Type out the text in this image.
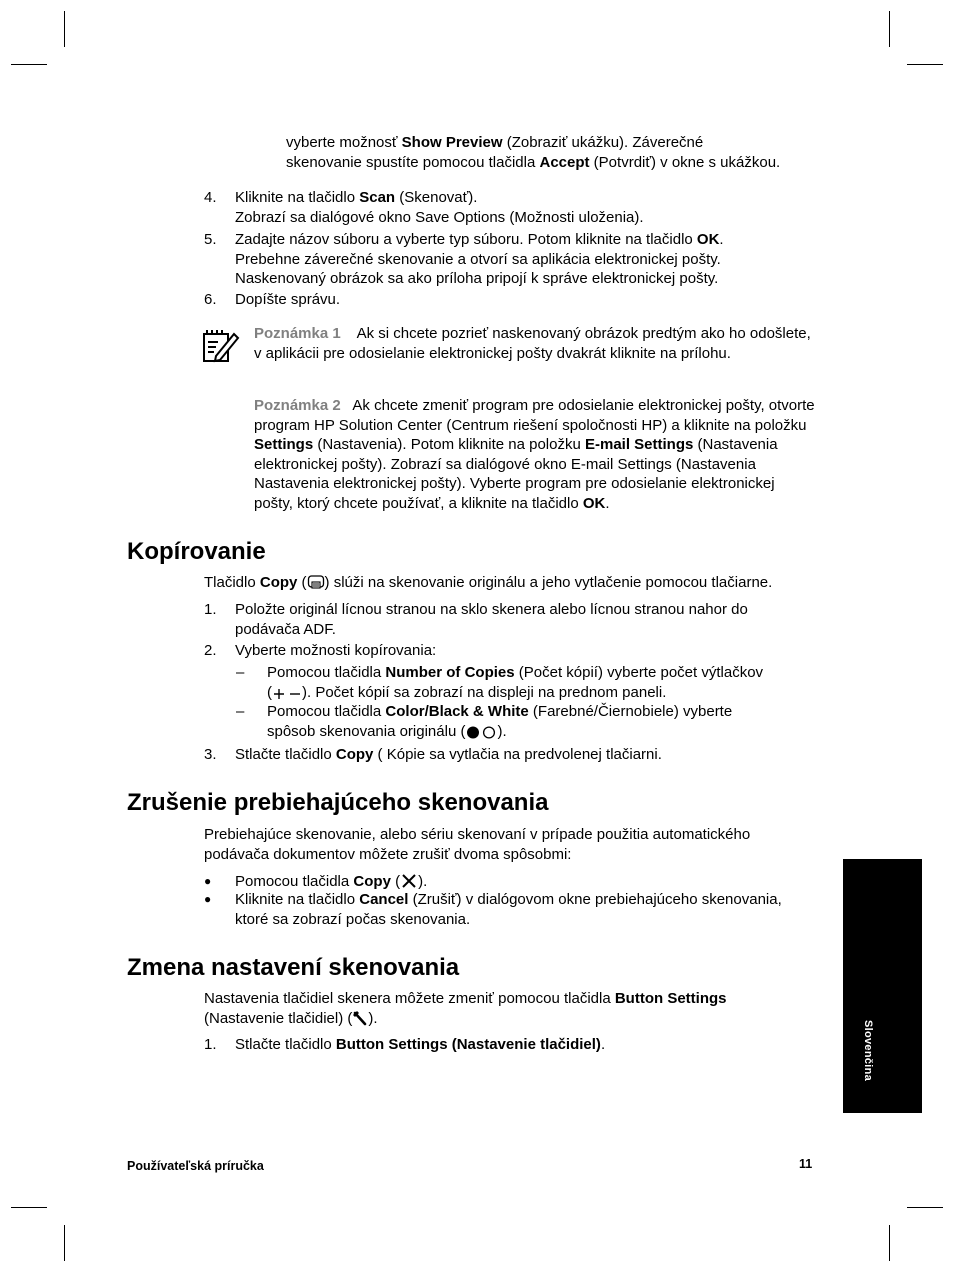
vyberte možnosť Show Preview (Zobraziť ukážku). Záverečné
skenovanie spustíte pomocou tlačidla Accept (Potvrdiť) v okne s ukážkou.
4. Kliknite na tlačidlo Scan (Skenovať).
Zobrazí sa dialógové okno Save Options (Možnosti uloženia).
5. Zadajte názov súboru a vyberte typ súboru. Potom kliknite na tlačidlo OK.
Prebehne záverečné skenovanie a otvorí sa aplikácia elektronickej pošty.
Naskenovaný obrázok sa ako príloha pripojí k správe elektronickej pošty.
6. Dopíšte správu.
Poznámka 1 Ak si chcete pozrieť naskenovaný obrázok predtým ako ho odošlete, v aplikácii pre odosielanie elektronickej pošty dvakrát kliknite na prílohu.
Poznámka 2 Ak chcete zmeniť program pre odosielanie elektronickej pošty, otvorte program HP Solution Center (Centrum riešení spoločnosti HP) a kliknite na položku Settings (Nastavenia). Potom kliknite na položku E-mail Settings (Nastavenia elektronickej pošty). Zobrazí sa dialógové okno E-mail Settings (Nastavenia Nastavenia elektronickej pošty). Vyberte program pre odosielanie elektronickej pošty, ktorý chcete používať, a kliknite na tlačidlo OK.
Kopírovanie
Tlačidlo Copy ( ) slúži na skenovanie originálu a jeho vytlačenie pomocou tlačiarne.
1. Položte originál lícnou stranou na sklo skenera alebo lícnou stranou nahor do podávača ADF.
2. Vyberte možnosti kopírovania:
– Pomocou tlačidla Number of Copies (Počet kópií) vyberte počet výtlačkov
( ). Počet kópií sa zobrazí na displeji na prednom paneli.
– Pomocou tlačidla Color/Black & White (Farebné/Čiernobiele) vyberte
spôsob skenovania originálu ( ).
3. Stlačte tlačidlo Copy ( Kópie sa vytlačia na predvolenej tlačiarni.
Zrušenie prebiehajúceho skenovania
Prebiehajúce skenovanie, alebo sériu skenovaní v prípade použitia automatického podávača dokumentov môžete zrušiť dvoma spôsobmi:
● Pomocou tlačidla Copy ( ).
● Kliknite na tlačidlo Cancel (Zrušiť) v dialógovom okne prebiehajúceho skenovania, ktoré sa zobrazí počas skenovania.
Zmena nastavení skenovania
Nastavenia tlačidiel skenera môžete zmeniť pomocou tlačidla Button Settings
(Nastavenie tlačidiel) ( ).
1. Stlačte tlačidlo Button Settings (Nastavenie tlačidiel).	Slovenčina
Používateľská príručka	11
